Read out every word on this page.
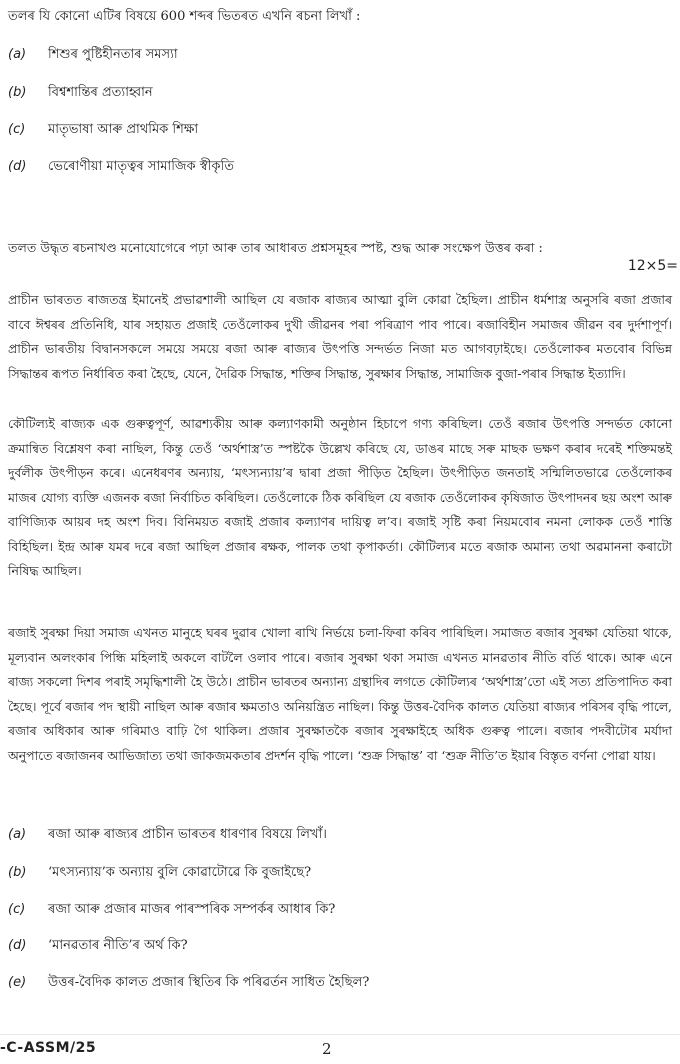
তলৰ যি কোনো এটিৰ বিষয়ে 600 শব্দৰ ভিতৰত এখনি ৰচনা লিখাঁ :
(a) শিশুৰ পুষ্টিহীনতাৰ সমস্যা
(b) বিশ্বশান্তিৰ প্ৰত্যাহ্বান
(c) মাতৃভাষা আৰু প্ৰাথমিক শিক্ষা
(d) ভেৰোণীয়া মাতৃত্বৰ সামাজিক স্বীকৃতি
তলত উদ্ধৃত ৰচনাখণ্ড মনোযোগেৰে পঢ়া আৰু তাৰ আধাৰত প্ৰশ্নসমূহৰ স্পষ্ট, শুদ্ধ আৰু সংক্ষেপ উত্তৰ কৰা :
12×5=
প্ৰাচীন ভাৰতত ৰাজতন্ত্ৰ ইমানেই প্ৰভাৱশালী আছিল যে ৰজাক ৰাজ্যৰ আত্মা বুলি কোৱা হৈছিল। প্ৰাচীন ধৰ্মশাস্ত্ৰ অনুসৰি ৰজা প্ৰজাৰ বাবে ঈশ্বৰৰ প্ৰতিনিধি, যাৰ সহায়ত প্ৰজাই তেওঁলোকৰ দুখী জীৱনৰ পৰা পৰিত্ৰাণ পাব পাৰে। ৰজাবিহীন সমাজৰ জীৱন বৰ দুৰ্দশাপূৰ্ণ। প্ৰাচীন ভাৰতীয় বিদ্বানসকলে সময়ে সময়ে ৰজা আৰু ৰাজ্যৰ উৎপত্তি সন্দৰ্ভত নিজা মত আগবঢ়াইছে। তেওঁলোকৰ মতবোৰ বিভিন্ন সিদ্ধান্তৰ ৰূপত নিৰ্ধাৰিত কৰা হৈছে, যেনে, দৈৱিক সিদ্ধান্ত, শক্তিৰ সিদ্ধান্ত, সুৰক্ষাৰ সিদ্ধান্ত, সামাজিক বুজা-পৰাৰ সিদ্ধান্ত ইত্যাদি।
কৌটিল্যই ৰাজ্যক এক গুৰুত্বপূৰ্ণ, আৱশ্যকীয় আৰু কল্যাণকামী অনুষ্ঠান হিচাপে গণ্য কৰিছিল। তেওঁ ৰজাৰ উৎপত্তি সন্দৰ্ভত কোনো ক্ৰমান্বিত বিশ্লেষণ কৰা নাছিল, কিন্তু তেওঁ ‘অৰ্থশাস্ত্ৰ’ত স্পষ্টকৈ উল্লেখ কৰিছে যে, ডাঙৰ মাছে সৰু মাছক ভক্ষণ কৰাৰ দৰেই শক্তিমন্তই দুৰ্বলীক উৎপীড়ন কৰে। এনেধৰণৰ অন্যায়, ‘মৎস্যন্যায়’ৰ দ্বাৰা প্ৰজা পীড়িত হৈছিল। উৎপীড়িত জনতাই সন্মিলিতভাৱে তেওঁলোকৰ মাজৰ যোগ্য ব্যক্তি এজনক ৰজা নিৰ্বাচিত কৰিছিল। তেওঁলোকে ঠিক কৰিছিল যে ৰজাক তেওঁলোকৰ কৃষিজাত উৎপাদনৰ ছয় অংশ আৰু বাণিজ্যিক আয়ৰ দহ অংশ দিব। বিনিময়ত ৰজাই প্ৰজাৰ কল্যাণৰ দায়িত্ব ল’ব। ৰজাই সৃষ্টি কৰা নিয়মবোৰ নমনা লোকক তেওঁ শাস্তি বিহিছিল। ইন্দ্ৰ আৰু যমৰ দৰে ৰজা আছিল প্ৰজাৰ ৰক্ষক, পালক তথা কৃপাকৰ্তা। কৌটিল্যৰ মতে ৰজাক অমান্য তথা অৱমাননা কৰাটো নিষিদ্ধ আছিল।
ৰজাই সুৰক্ষা দিয়া সমাজ এখনত মানুহে ঘৰৰ দুৱাৰ খোলা ৰাখি নিৰ্ভয়ে চলা-ফিৰা কৰিব পাৰিছিল। সমাজত ৰজাৰ সুৰক্ষা যেতিয়া থাকে, মূল্যবান অলংকাৰ পিন্ধি মহিলাই অকলে বাটলৈ ওলাব পাৰে। ৰজাৰ সুৰক্ষা থকা সমাজ এখনত মানৱতাৰ নীতি বৰ্তি থাকে। আৰু এনে ৰাজ্য সকলো দিশৰ পৰাই সমৃদ্ধিশালী হৈ উঠে। প্ৰাচীন ভাৰতৰ অন্যান্য গ্ৰন্থাদিৰ লগতে কৌটিল্যৰ ‘অৰ্থশাস্ত্ৰ’তো এই সত্য প্ৰতিপাদিত কৰা হৈছে। পূৰ্বে ৰজাৰ পদ স্থায়ী নাছিল আৰু ৰজাৰ ক্ষমতাও অনিয়ন্ত্ৰিত নাছিল। কিন্তু উত্তৰ-বৈদিক কালত যেতিয়া ৰাজ্যৰ পৰিসৰ বৃদ্ধি পালে, ৰজাৰ অধিকাৰ আৰু গৰিমাও বাঢ়ি গৈ থাকিল। প্ৰজাৰ সুৰক্ষাতকৈ ৰজাৰ সুৰক্ষাইহে অধিক গুৰুত্ব পালে। ৰজাৰ পদবীটোৰ মৰ্যাদা অনুপাতে ৰজাজনৰ আভিজাত্য তথা জাকজমকতাৰ প্ৰদৰ্শন বৃদ্ধি পালে। ‘শুক্ৰ সিদ্ধান্ত’ বা ‘শুক্ৰ নীতি’ত ইয়াৰ বিস্তৃত বৰ্ণনা পোৱা যায়।
(a) ৰজা আৰু ৰাজ্যৰ প্ৰাচীন ভাৰতৰ ধাৰণাৰ বিষয়ে লিখাঁ।
(b) ‘মৎস্যন্যায়’ক অন্যায় বুলি কোৱাটোৱে কি বুজাইছে?
(c) ৰজা আৰু প্ৰজাৰ মাজৰ পাৰস্পৰিক সম্পৰ্কৰ আধাৰ কি?
(d) ‘মানৱতাৰ নীতি’ৰ অৰ্থ কি?
(e) উত্তৰ-বৈদিক কালত প্ৰজাৰ স্থিতিৰ কি পৰিৱৰ্তন সাধিত হৈছিল?
-C-ASSM/25	2
